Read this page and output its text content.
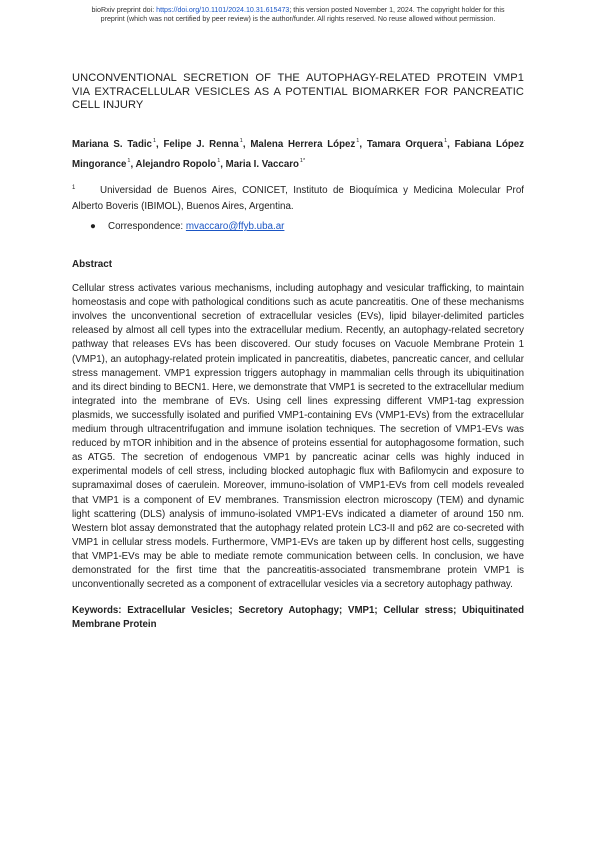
bioRxiv preprint doi: https://doi.org/10.1101/2024.10.31.615473; this version posted November 1, 2024. The copyright holder for this
preprint (which was not certified by peer review) is the author/funder. All rights reserved. No reuse allowed without permission.
UNCONVENTIONAL SECRETION OF THE AUTOPHAGY-RELATED PROTEIN VMP1 VIA EXTRACELLULAR VESICLES AS A POTENTIAL BIOMARKER FOR PANCREATIC CELL INJURY
Mariana S. Tadic$^1$, Felipe J. Renna$^1$, Malena Herrera López$^1$, Tamara Orquera$^1$, Fabiana López Mingorance$^1$, Alejandro Ropolo$^1$, Maria I. Vaccaro$^{1*}$
1	Universidad de Buenos Aires, CONICET, Instituto de Bioquímica y Medicina Molecular Prof Alberto Boveris (IBIMOL), Buenos Aires, Argentina.
● Correspondence: mvaccaro@ffyb.uba.ar
Abstract
Cellular stress activates various mechanisms, including autophagy and vesicular trafficking, to maintain homeostasis and cope with pathological conditions such as acute pancreatitis. One of these mechanisms involves the unconventional secretion of extracellular vesicles (EVs), lipid bilayer-delimited particles released by almost all cell types into the extracellular medium. Recently, an autophagy-related secretory pathway that releases EVs has been discovered. Our study focuses on Vacuole Membrane Protein 1 (VMP1), an autophagy-related protein implicated in pancreatitis, diabetes, pancreatic cancer, and cellular stress management. VMP1 expression triggers autophagy in mammalian cells through its ubiquitination and its direct binding to BECN1. Here, we demonstrate that VMP1 is secreted to the extracellular medium integrated into the membrane of EVs. Using cell lines expressing different VMP1-tag expression plasmids, we successfully isolated and purified VMP1-containing EVs (VMP1-EVs) from the extracellular medium through ultracentrifugation and immune isolation techniques. The secretion of VMP1-EVs was reduced by mTOR inhibition and in the absence of proteins essential for autophagosome formation, such as ATG5. The secretion of endogenous VMP1 by pancreatic acinar cells was highly induced in experimental models of cell stress, including blocked autophagic flux with Bafilomycin and exposure to supramaximal doses of caerulein. Moreover, immuno-isolation of VMP1-EVs from cell models revealed that VMP1 is a component of EV membranes. Transmission electron microscopy (TEM) and dynamic light scattering (DLS) analysis of immuno-isolated VMP1-EVs indicated a diameter of around 150 nm. Western blot assay demonstrated that the autophagy related protein LC3-II and p62 are co-secreted with VMP1 in cellular stress models. Furthermore, VMP1-EVs are taken up by different host cells, suggesting that VMP1-EVs may be able to mediate remote communication between cells. In conclusion, we have demonstrated for the first time that the pancreatitis-associated transmembrane protein VMP1 is unconventionally secreted as a component of extracellular vesicles via a secretory autophagy pathway.
Keywords: Extracellular Vesicles; Secretory Autophagy; VMP1; Cellular stress; Ubiquitinated Membrane Protein
